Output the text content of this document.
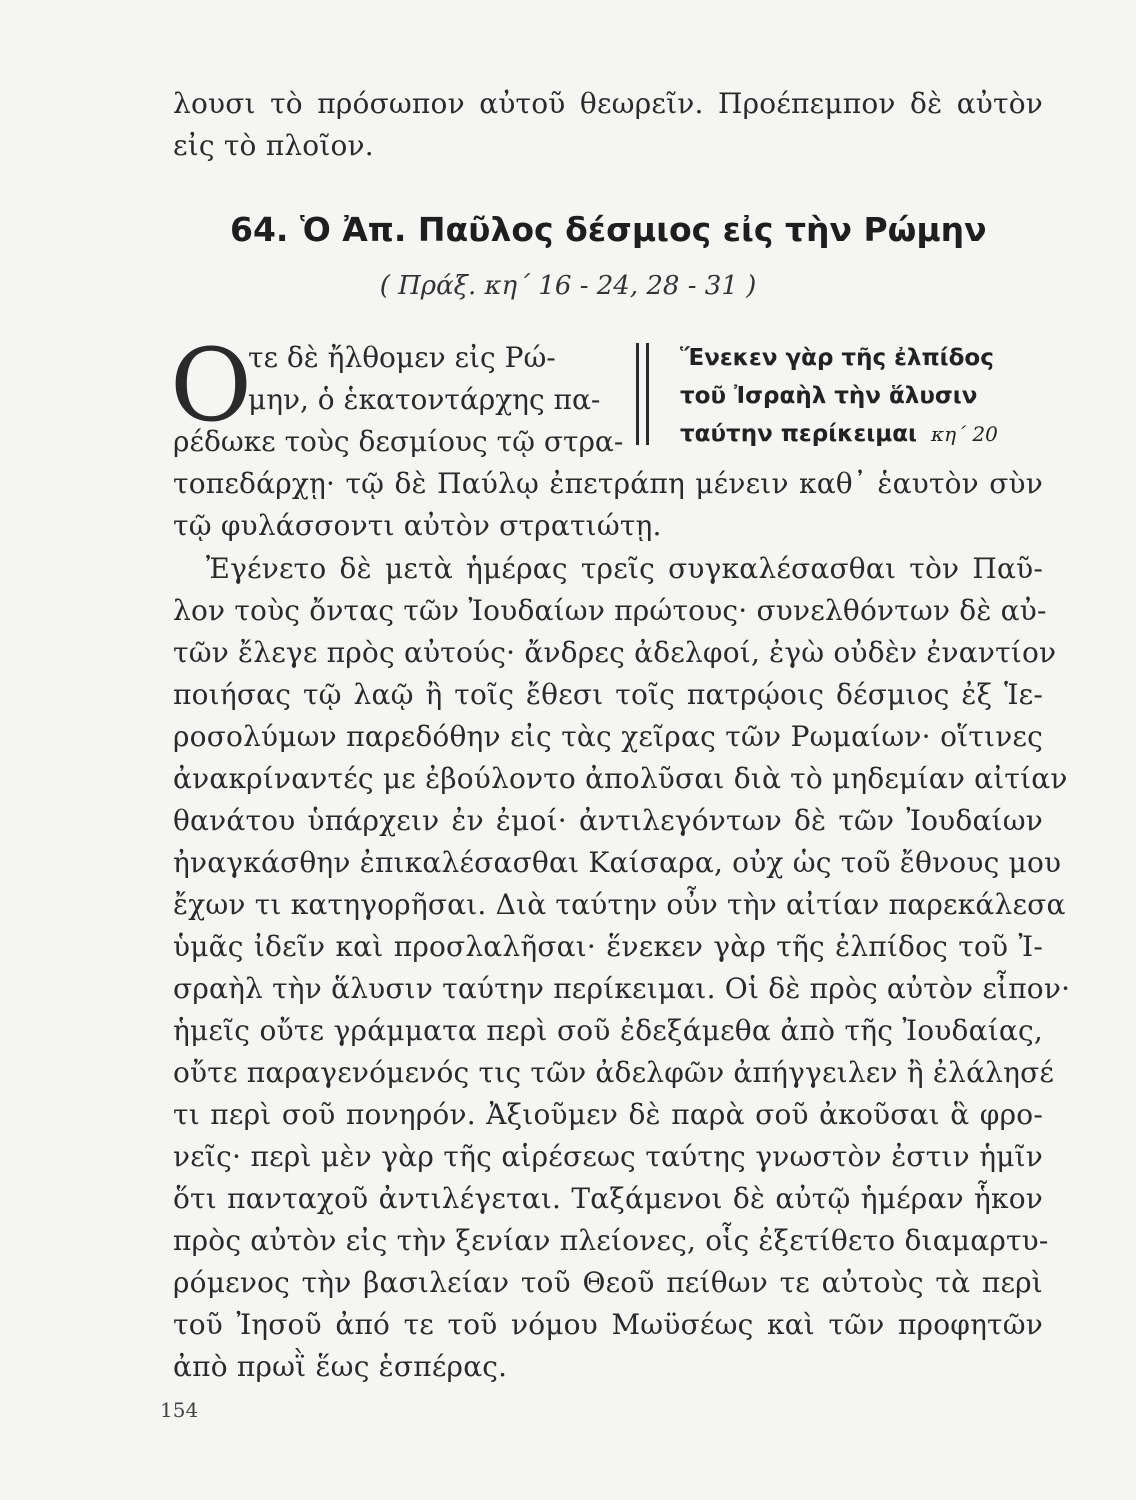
λουσι τὸ πρόσωπον αὐτοῦ θεωρεῖν. Προέπεμπον δὲ αὐτὸν
εἰς τὸ πλοῖον.
64. Ὁ Ἀπ. Παῦλος δέσμιος εἰς τὴν Ρώμην
( Πράξ. κη΄ 16 - 24, 28 - 31 )
Ο
τε δὲ ἤλθομεν εἰς Ρώ-
μην, ὁ ἑκατοντάρχης πα-
ρέδωκε τοὺς δεσμίους τῷ στρα-
Ἕνεκεν γὰρ τῆς ἐλπίδος
τοῦ Ἰσραὴλ τὴν ἅλυσιν
ταύτην περίκειμαι κη΄ 20
τοπεδάρχῃ· τῷ δὲ Παύλῳ ἐπετράπη μένειν καθ᾽ ἑαυτὸν σὺν
τῷ φυλάσσοντι αὐτὸν στρατιώτῃ.
Ἐγένετο δὲ μετὰ ἡμέρας τρεῖς συγκαλέσασθαι τὸν Παῦ-
λον τοὺς ὄντας τῶν Ἰουδαίων πρώτους· συνελθόντων δὲ αὐ-
τῶν ἔλεγε πρὸς αὐτούς· ἄνδρες ἀδελφοί, ἐγὼ οὐδὲν ἐναντίον
ποιήσας τῷ λαῷ ἢ τοῖς ἔθεσι τοῖς πατρῴοις δέσμιος ἐξ Ἱε-
ροσολύμων παρεδόθην εἰς τὰς χεῖρας τῶν Ρωμαίων· οἵτινες
ἀνακρίναντές με ἐβούλοντο ἀπολῦσαι διὰ τὸ μηδεμίαν αἰτίαν
θανάτου ὑπάρχειν ἐν ἐμοί· ἀντιλεγόντων δὲ τῶν Ἰουδαίων
ἠναγκάσθην ἐπικαλέσασθαι Καίσαρα, οὐχ ὡς τοῦ ἔθνους μου
ἔχων τι κατηγορῆσαι. Διὰ ταύτην οὖν τὴν αἰτίαν παρεκάλεσα
ὑμᾶς ἰδεῖν καὶ προσλαλῆσαι· ἕνεκεν γὰρ τῆς ἐλπίδος τοῦ Ἰ-
σραὴλ τὴν ἅλυσιν ταύτην περίκειμαι. Οἱ δὲ πρὸς αὐτὸν εἶπον·
ἡμεῖς οὔτε γράμματα περὶ σοῦ ἐδεξάμεθα ἀπὸ τῆς Ἰουδαίας,
οὔτε παραγενόμενός τις τῶν ἀδελφῶν ἀπήγγειλεν ἢ ἐλάλησέ
τι περὶ σοῦ πονηρόν. Ἀξιοῦμεν δὲ παρὰ σοῦ ἀκοῦσαι ἃ φρο-
νεῖς· περὶ μὲν γὰρ τῆς αἱρέσεως ταύτης γνωστὸν ἐστιν ἡμῖν
ὅτι πανταχοῦ ἀντιλέγεται. Ταξάμενοι δὲ αὐτῷ ἡμέραν ἧκον
πρὸς αὐτὸν εἰς τὴν ξενίαν πλείονες, οἷς ἐξετίθετο διαμαρτυ-
ρόμενος τὴν βασιλείαν τοῦ Θεοῦ πείθων τε αὐτοὺς τὰ περὶ
τοῦ Ἰησοῦ ἀπό τε τοῦ νόμου Μωϋσέως καὶ τῶν προφητῶν
ἀπὸ πρωῒ ἕως ἑσπέρας.
154
